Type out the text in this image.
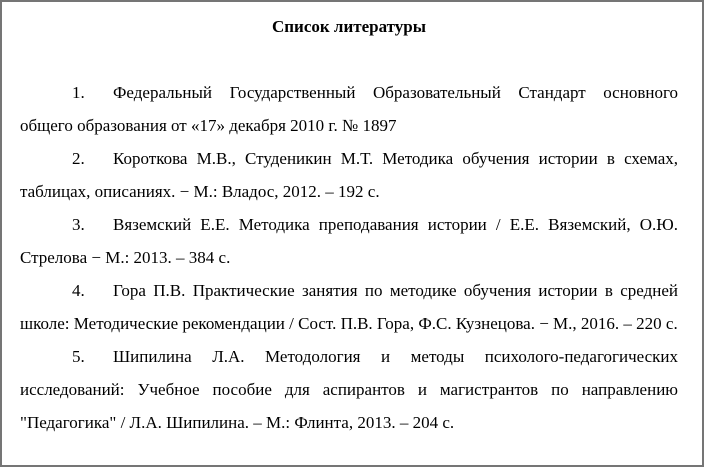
Список литературы

1. Федеральный Государственный Образовательный Стандарт основного общего образования от «17» декабря 2010 г. № 1897

2. Короткова М.В., Студеникин М.Т. Методика обучения истории в схемах, таблицах, описаниях. − М.: Владос, 2012. – 192 с.

3. Вяземский Е.Е. Методика преподавания истории / Е.Е. Вяземский, О.Ю. Стрелова − М.: 2013. – 384 с.

4. Гора П.В. Практические занятия по методике обучения истории в средней школе: Методические рекомендации / Сост. П.В. Гора, Ф.С. Кузнецова. − М., 2016. – 220 с.

5. Шипилина Л.А. Методология и методы психолого-педагогических исследований: Учебное пособие для аспирантов и магистрантов по направлению "Педагогика" / Л.А. Шипилина. – М.: Флинта, 2013. – 204 с.
